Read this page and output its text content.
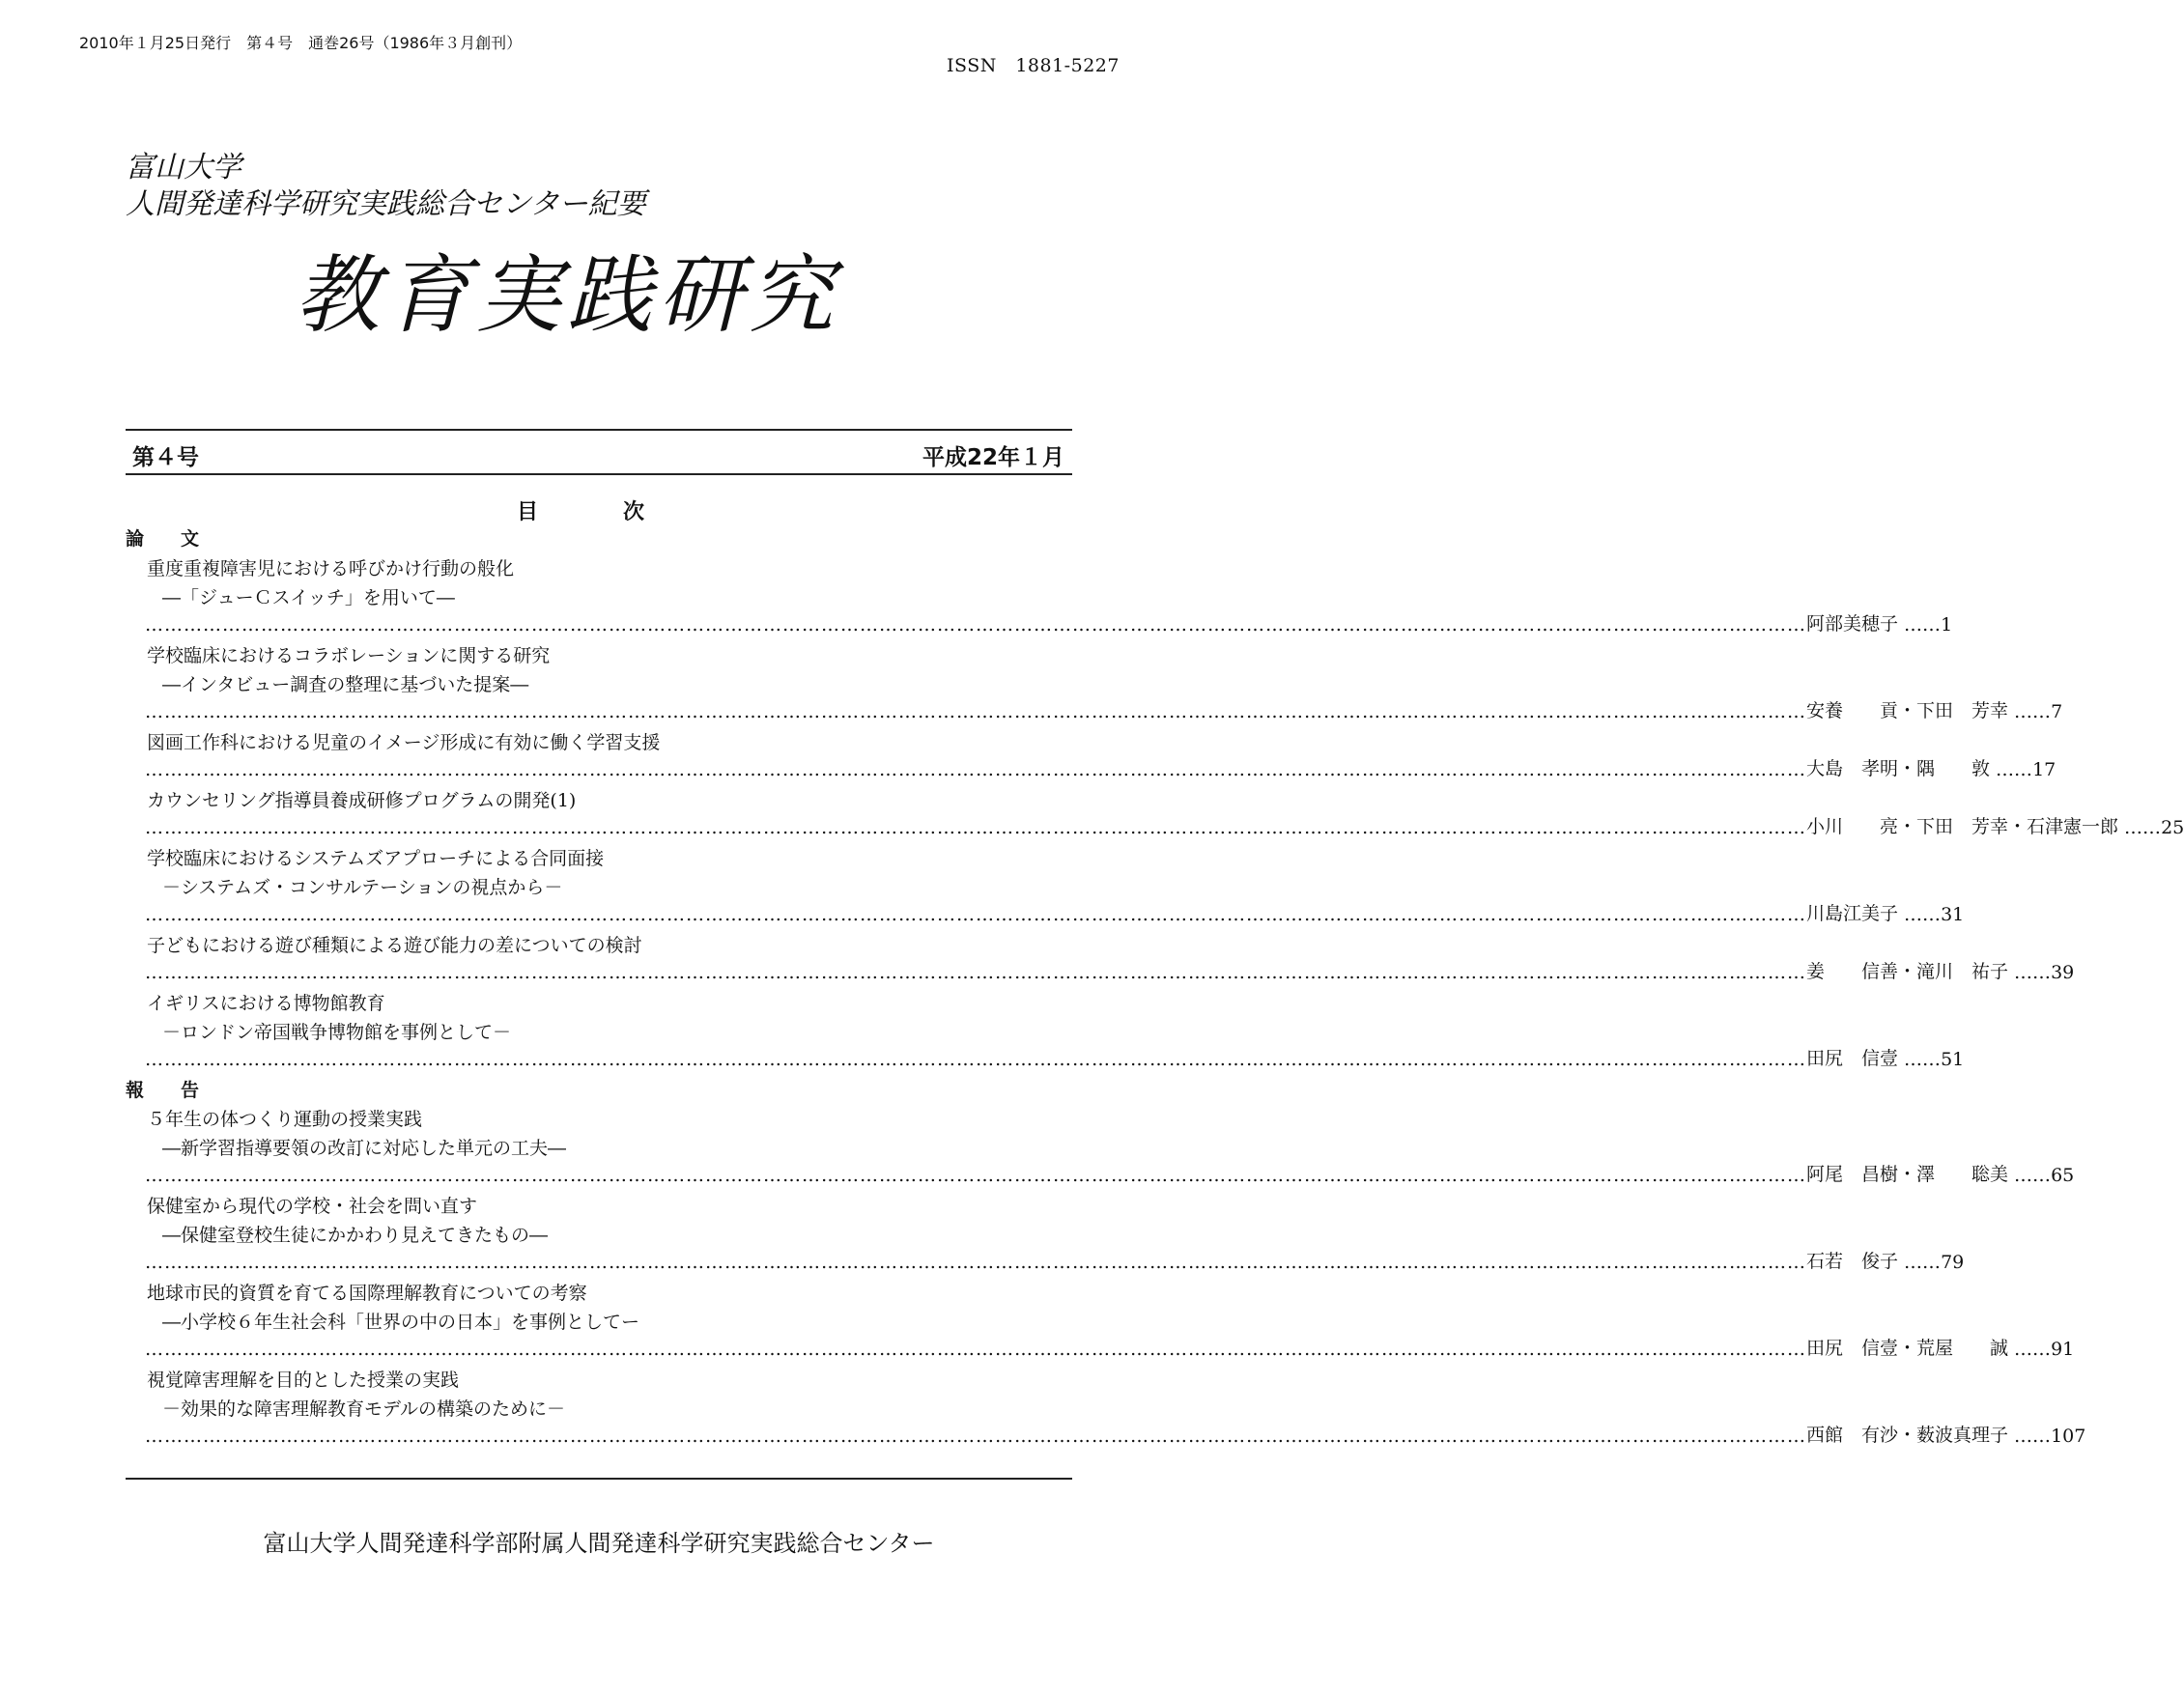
2010年１月25日発行　第４号　通巻26号（1986年３月創刊）
ISSN　1881-5227
富山大学
人間発達科学研究実践総合センター紀要
教育実践研究
第４号	平成22年１月
目　　　　次
論　　文
重度重複障害児における呼びかけ行動の般化
―「ジューＣスイッチ」を用いて―
…………………………………………………………………………………………………………………………………………………………………………………………………………………………………… 阿部美穂子 …… 1
学校臨床におけるコラボレーションに関する研究
―インタビュー調査の整理に基づいた提案―
…………………………………………………………………………………………………………………………………………………………………………………………………………………………………… 安養　　貢・下田　芳幸 …… 7
図画工作科における児童のイメージ形成に有効に働く学習支援
…………………………………………………………………………………………………………………………………………………………………………………………………………………………………… 大島　孝明・隅　　敦 …… 17
カウンセリング指導員養成研修プログラムの開発(1)
…………………………………………………………………………………………………………………………………………………………………………………………………………………………………… 小川　　亮・下田　芳幸・石津憲一郎 …… 25
学校臨床におけるシステムズアプローチによる合同面接
－システムズ・コンサルテーションの視点から－
…………………………………………………………………………………………………………………………………………………………………………………………………………………………………… 川島江美子 …… 31
子どもにおける遊び種類による遊び能力の差についての検討
…………………………………………………………………………………………………………………………………………………………………………………………………………………………………… 姜　　信善・滝川　祐子 …… 39
イギリスにおける博物館教育
－ロンドン帝国戦争博物館を事例として－
…………………………………………………………………………………………………………………………………………………………………………………………………………………………………… 田尻　信壹 …… 51
報　　告
５年生の体つくり運動の授業実践
―新学習指導要領の改訂に対応した単元の工夫―
…………………………………………………………………………………………………………………………………………………………………………………………………………………………………… 阿尾　昌樹・澤　　聡美 …… 65
保健室から現代の学校・社会を問い直す
―保健室登校生徒にかかわり見えてきたもの―
…………………………………………………………………………………………………………………………………………………………………………………………………………………………………… 石若　俊子 …… 79
地球市民的資質を育てる国際理解教育についての考察
―小学校６年生社会科「世界の中の日本」を事例としてー
…………………………………………………………………………………………………………………………………………………………………………………………………………………………………… 田尻　信壹・荒屋　　誠 …… 91
視覚障害理解を目的とした授業の実践
－効果的な障害理解教育モデルの構築のために－
…………………………………………………………………………………………………………………………………………………………………………………………………………………………………… 西館　有沙・薮波真理子 …… 107
富山大学人間発達科学部附属人間発達科学研究実践総合センター
